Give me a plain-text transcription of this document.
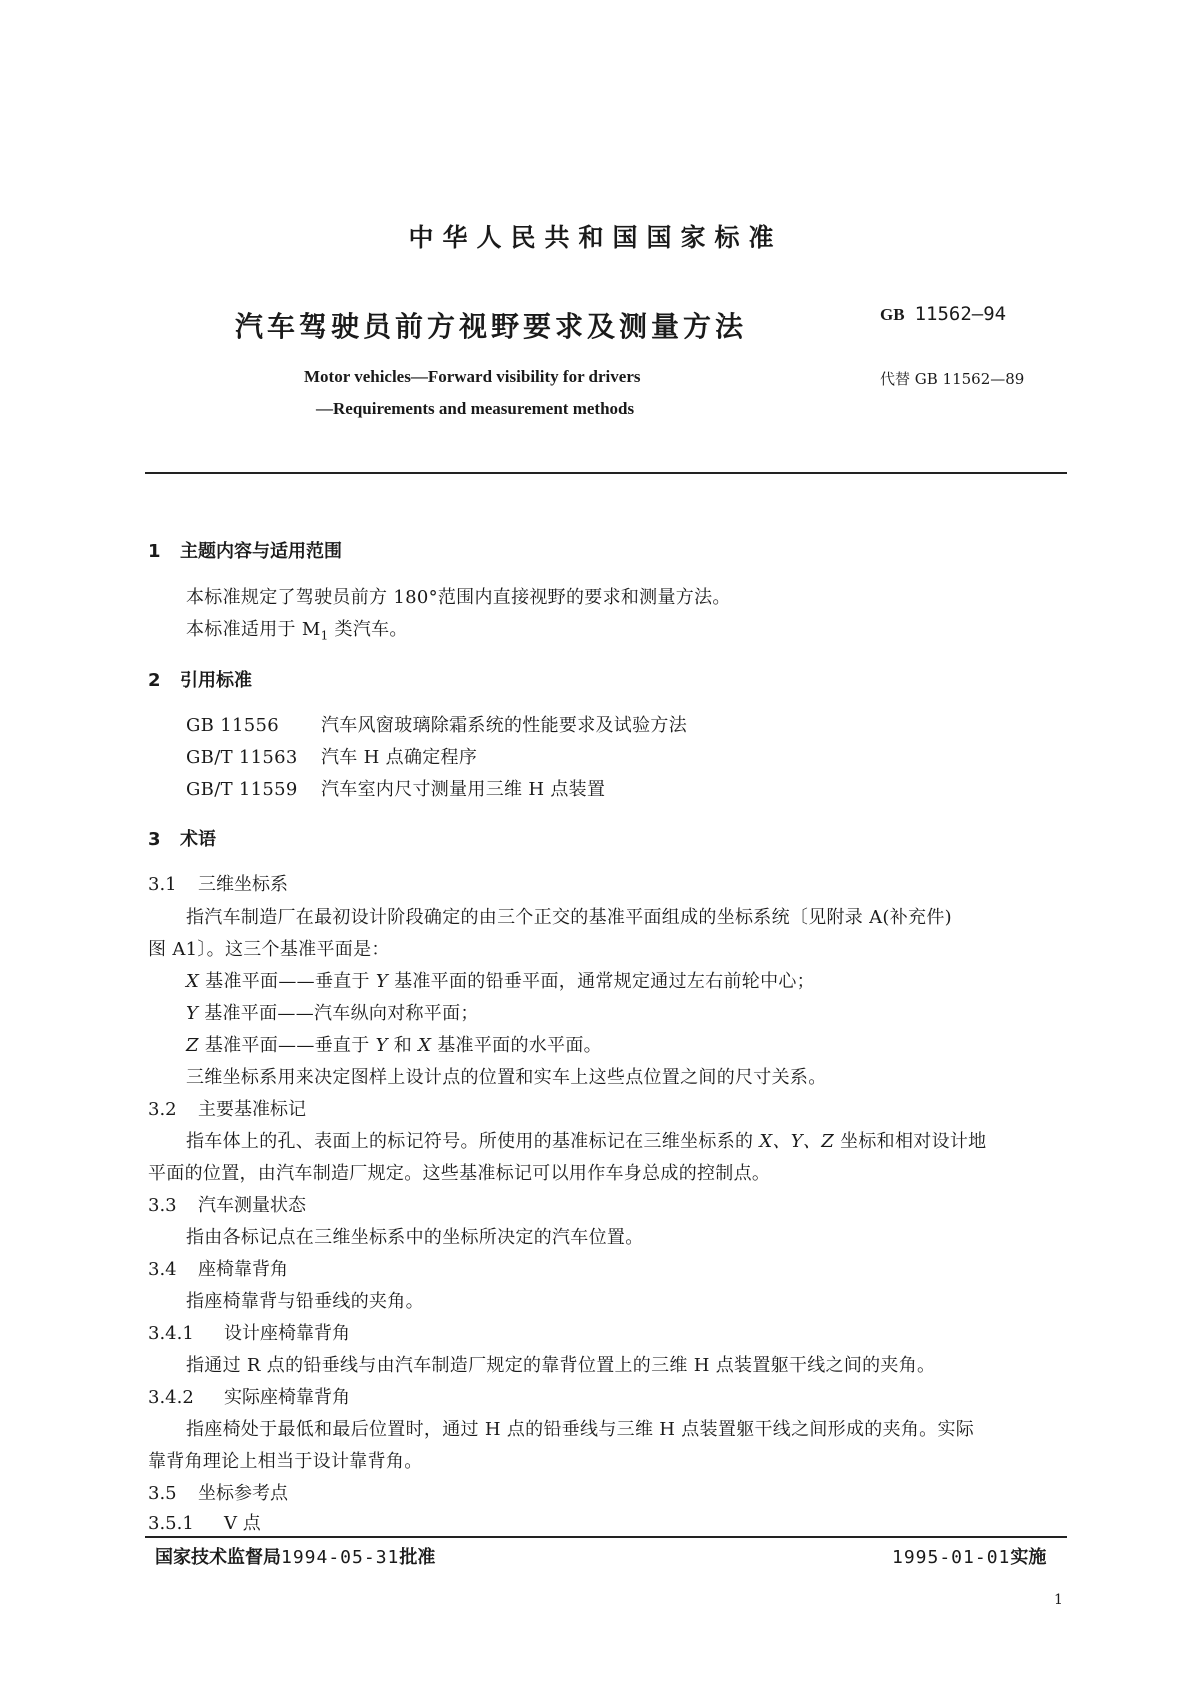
中华人民共和国国家标准
汽车驾驶员前方视野要求及测量方法	GB 11562—94
Motor vehicles—Forward visibility for drivers
—Requirements and measurement methods
代替 GB 11562—89
1 主题内容与适用范围
本标准规定了驾驶员前方 180°范围内直接视野的要求和测量方法。
本标准适用于 $M_1$ 类汽车。
2 引用标准
GB 11556 汽车风窗玻璃除霜系统的性能要求及试验方法
GB/T 11563 汽车 H 点确定程序
GB/T 11559 汽车室内尺寸测量用三维 H 点装置
3 术语
3.1 三维坐标系
指汽车制造厂在最初设计阶段确定的由三个正交的基准平面组成的坐标系统〔见附录 A(补充件)
图 A1〕。这三个基准平面是：
X 基准平面——垂直于 Y 基准平面的铅垂平面，通常规定通过左右前轮中心；
Y 基准平面——汽车纵向对称平面；
Z 基准平面——垂直于 Y 和 X 基准平面的水平面。
三维坐标系用来决定图样上设计点的位置和实车上这些点位置之间的尺寸关系。
3.2 主要基准标记
指车体上的孔、表面上的标记符号。所使用的基准标记在三维坐标系的 X、Y、Z 坐标和相对设计地
平面的位置，由汽车制造厂规定。这些基准标记可以用作车身总成的控制点。
3.3 汽车测量状态
指由各标记点在三维坐标系中的坐标所决定的汽车位置。
3.4 座椅靠背角
指座椅靠背与铅垂线的夹角。
3.4.1 设计座椅靠背角
指通过 R 点的铅垂线与由汽车制造厂规定的靠背位置上的三维 H 点装置躯干线之间的夹角。
3.4.2 实际座椅靠背角
指座椅处于最低和最后位置时，通过 H 点的铅垂线与三维 H 点装置躯干线之间形成的夹角。实际
靠背角理论上相当于设计靠背角。
3.5 坐标参考点
3.5.1 V 点
国家技术监督局1994-05-31批准	1995-01-01实施
1
